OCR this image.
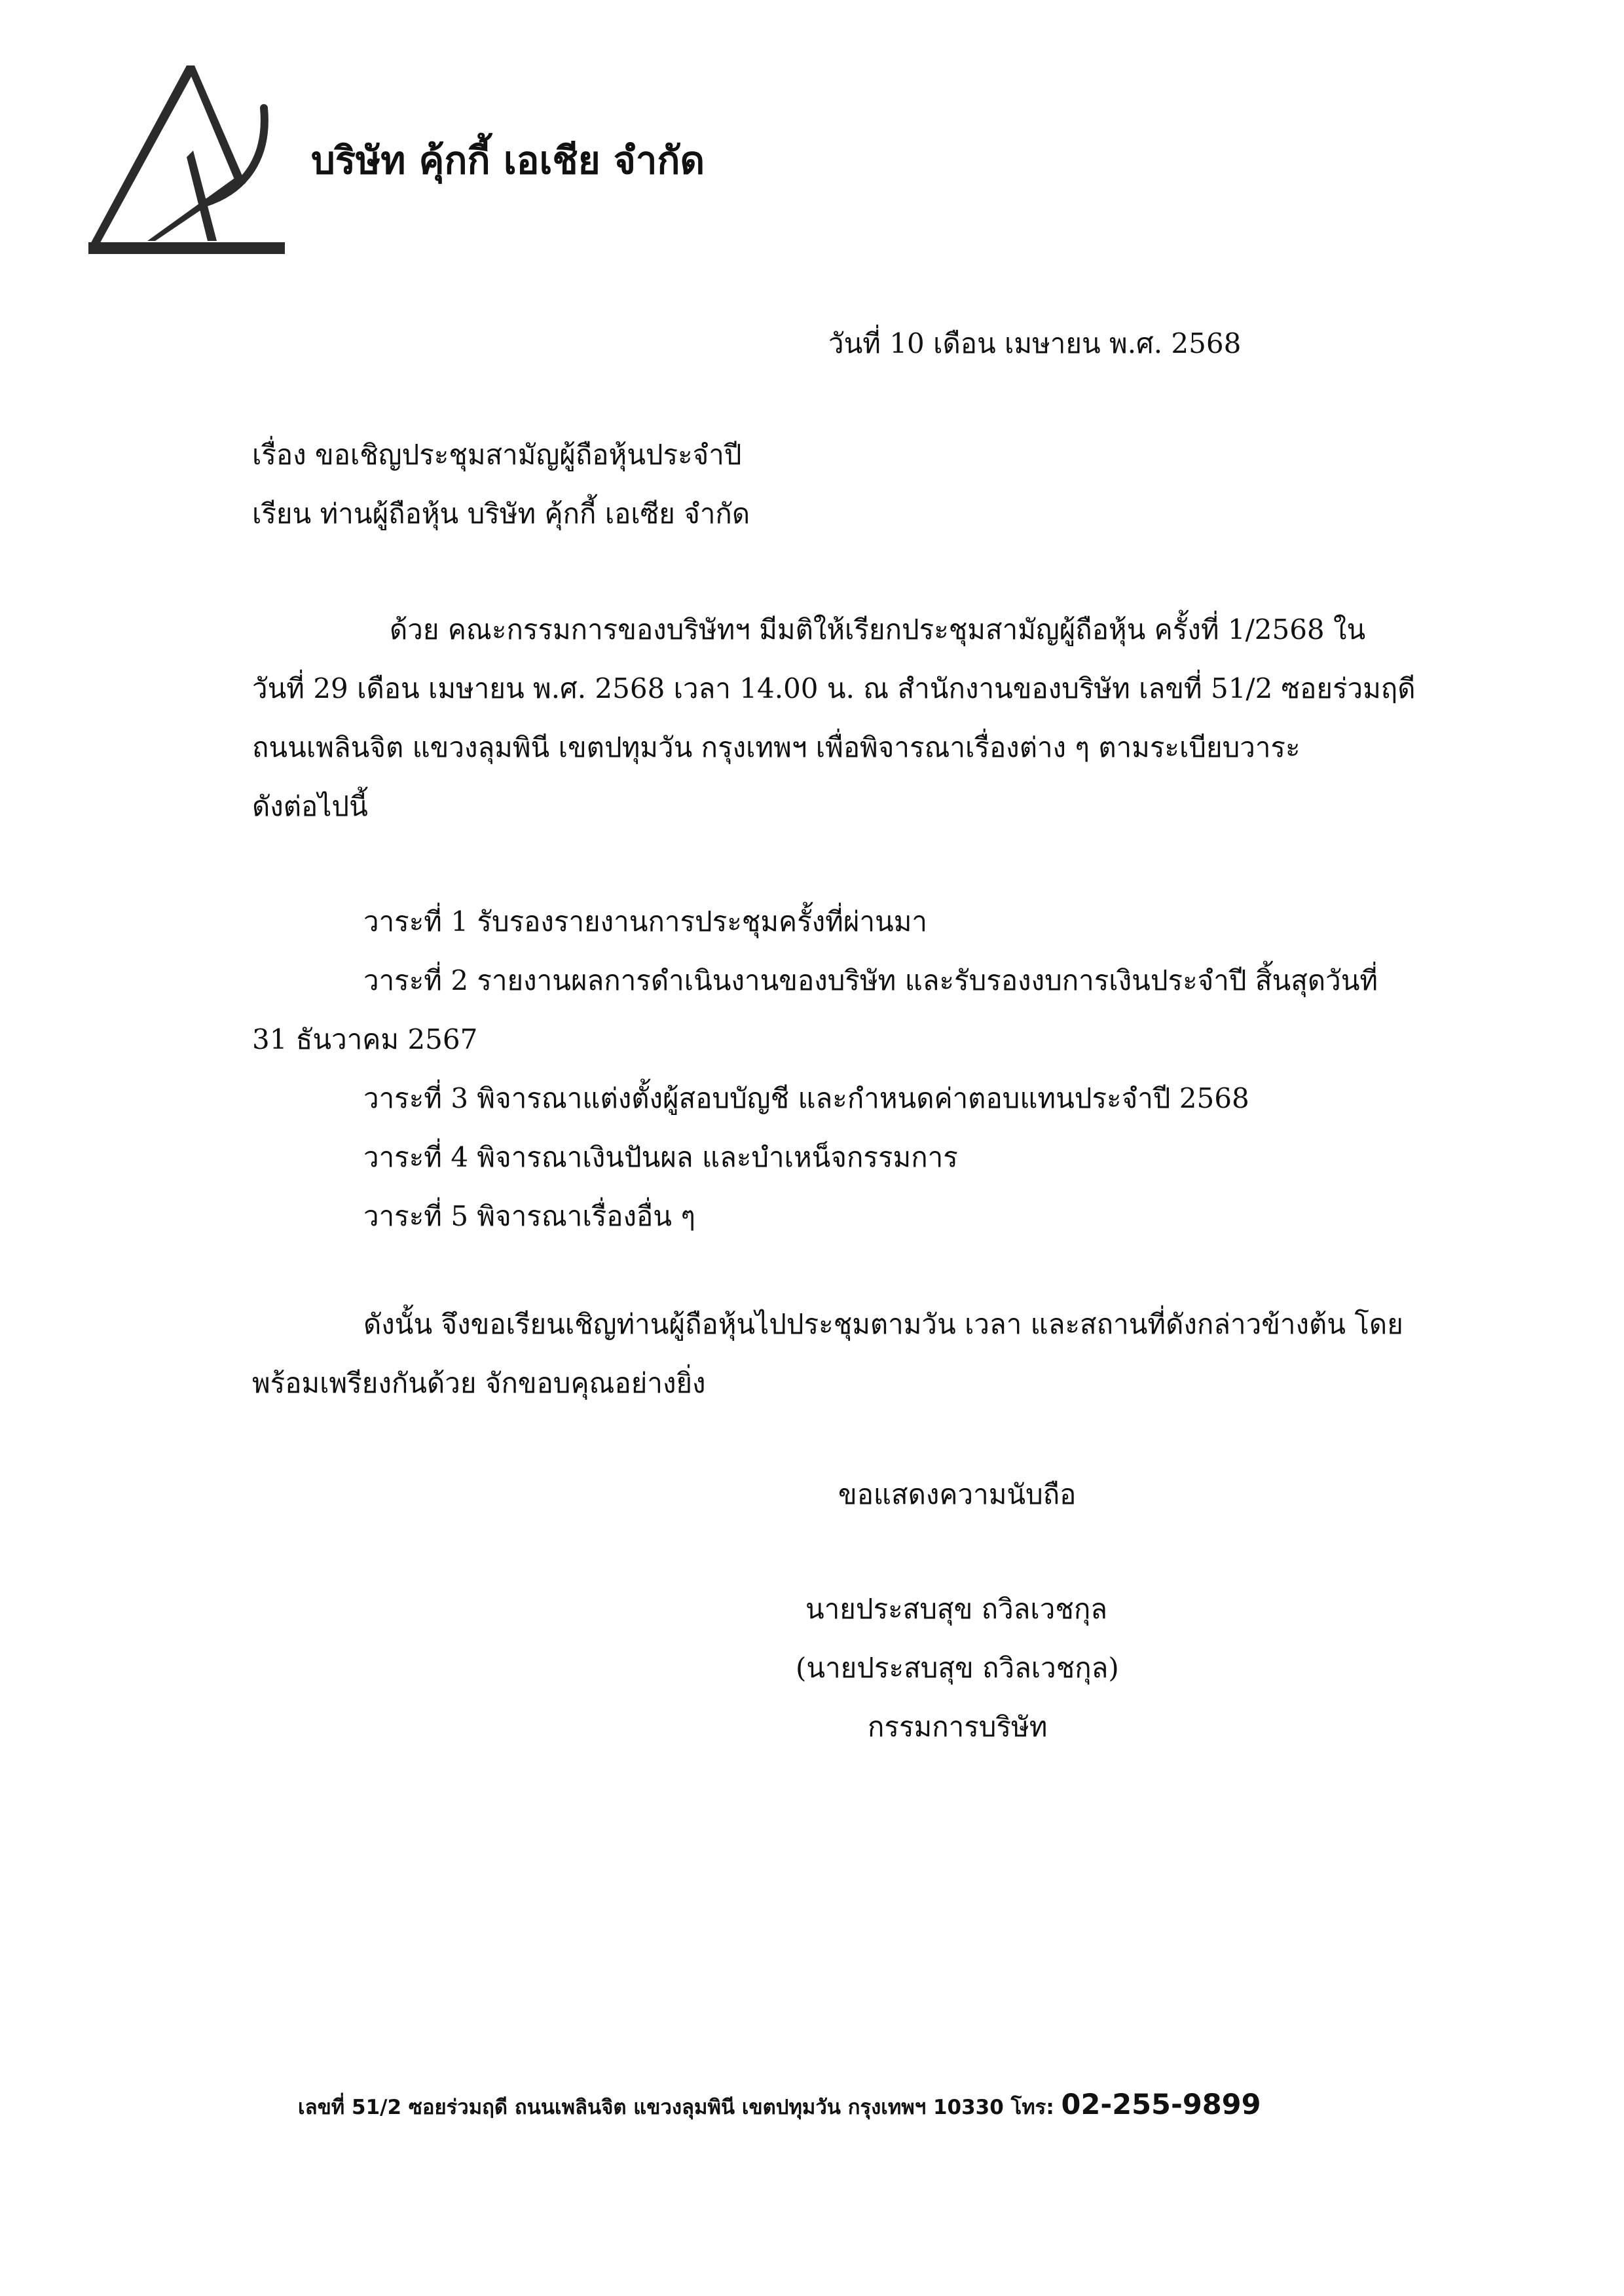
บริษัท คุ้กกี้ เอเชีย จำกัด
วันที่ 10 เดือน เมษายน พ.ศ. 2568
เรื่อง ขอเชิญประชุมสามัญผู้ถือหุ้นประจำปี
เรียน ท่านผู้ถือหุ้น บริษัท คุ้กกี้ เอเซีย จำกัด
ด้วย คณะกรรมการของบริษัทฯ มีมติให้เรียกประชุมสามัญผู้ถือหุ้น ครั้งที่ 1/2568 ใน
วันที่ 29 เดือน เมษายน พ.ศ. 2568 เวลา 14.00 น. ณ สำนักงานของบริษัท เลขที่ 51/2 ซอยร่วมฤดี
ถนนเพลินจิต แขวงลุมพินี เขตปทุมวัน กรุงเทพฯ เพื่อพิจารณาเรื่องต่าง ๆ ตามระเบียบวาระ
ดังต่อไปนี้
วาระที่ 1 รับรองรายงานการประชุมครั้งที่ผ่านมา
วาระที่ 2 รายงานผลการดำเนินงานของบริษัท และรับรองงบการเงินประจำปี สิ้นสุดวันที่
31 ธันวาคม 2567
วาระที่ 3 พิจารณาแต่งตั้งผู้สอบบัญชี และกำหนดค่าตอบแทนประจำปี 2568
วาระที่ 4 พิจารณาเงินปันผล และบำเหน็จกรรมการ
วาระที่ 5 พิจารณาเรื่องอื่น ๆ
ดังนั้น จึงขอเรียนเชิญท่านผู้ถือหุ้นไปประชุมตามวัน เวลา และสถานที่ดังกล่าวข้างต้น โดย
พร้อมเพรียงกันด้วย จักขอบคุณอย่างยิ่ง
ขอแสดงความนับถือ
นายประสบสุข ถวิลเวชกุล
(นายประสบสุข ถวิลเวชกุล)
กรรมการบริษัท
เลขที่ 51/2 ซอยร่วมฤดี ถนนเพลินจิต แขวงลุมพินี เขตปทุมวัน กรุงเทพฯ 10330 โทร: 02-255-9899
